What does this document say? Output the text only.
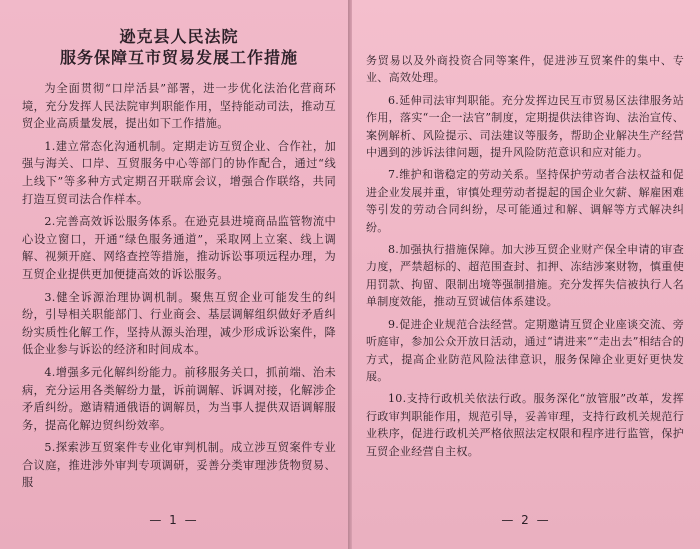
逊克县人民法院
服务保障互市贸易发展工作措施

为全面贯彻“口岸活县”部署，进一步优化法治化营商环境，充分发挥人民法院审判职能作用，坚持能动司法，推动互贸企业高质量发展，提出如下工作措施。

1.建立常态化沟通机制。定期走访互贸企业、合作社，加强与海关、口岸、互贸服务中心等部门的协作配合，通过“线上线下”等多种方式定期召开联席会议，增强合作联络，共同打造互贸司法合作样本。

2.完善高效诉讼服务体系。在逊克县进境商品监管物流中心设立窗口，开通“绿色服务通道”，采取网上立案、线上调解、视频开庭、网络查控等措施，推动诉讼事项远程办理，为互贸企业提供更加便捷高效的诉讼服务。

3.健全诉源治理协调机制。聚焦互贸企业可能发生的纠纷，引导相关职能部门、行业商会、基层调解组织做好矛盾纠纷实质性化解工作，坚持从源头治理，减少形成诉讼案件，降低企业参与诉讼的经济和时间成本。

4.增强多元化解纠纷能力。前移服务关口，抓前端、治未病，充分运用各类解纷力量，诉前调解、诉调对接，化解涉企矛盾纠纷。邀请精通俄语的调解员，为当事人提供双语调解服务，提高化解边贸纠纷效率。

5.探索涉互贸案件专业化审判机制。成立涉互贸案件专业合议庭，推进涉外审判专项调研，妥善分类审理涉货物贸易、服

— 1 —

务贸易以及外商投资合同等案件，促进涉互贸案件的集中、专业、高效处理。

6.延伸司法审判职能。充分发挥边民互市贸易区法律服务站作用，落实“一企一法官”制度，定期提供法律咨询、法治宣传、案例解析、风险提示、司法建议等服务，帮助企业解决生产经营中遇到的涉诉法律问题，提升风险防范意识和应对能力。

7.维护和谐稳定的劳动关系。坚持保护劳动者合法权益和促进企业发展并重，审慎处理劳动者提起的国企业欠薪、解雇困难等引发的劳动合同纠纷，尽可能通过和解、调解等方式解决纠纷。

8.加强执行措施保障。加大涉互贸企业财产保全申请的审查力度，严禁超标的、超范围查封、扣押、冻结涉案财物，慎重使用罚款、拘留、限制出境等强制措施。充分发挥失信被执行人名单制度效能，推动互贸诚信体系建设。

9.促进企业规范合法经营。定期邀请互贸企业座谈交流、旁听庭审，参加公众开放日活动，通过“请进来”“走出去”相结合的方式，提高企业防范风险法律意识，服务保障企业更好更快发展。

10.支持行政机关依法行政。服务深化“放管服”改革，发挥行政审判职能作用，规范引导，妥善审理，支持行政机关规范行业秩序，促进行政机关严格依照法定权限和程序进行监管，保护互贸企业经营自主权。

— 2 —
